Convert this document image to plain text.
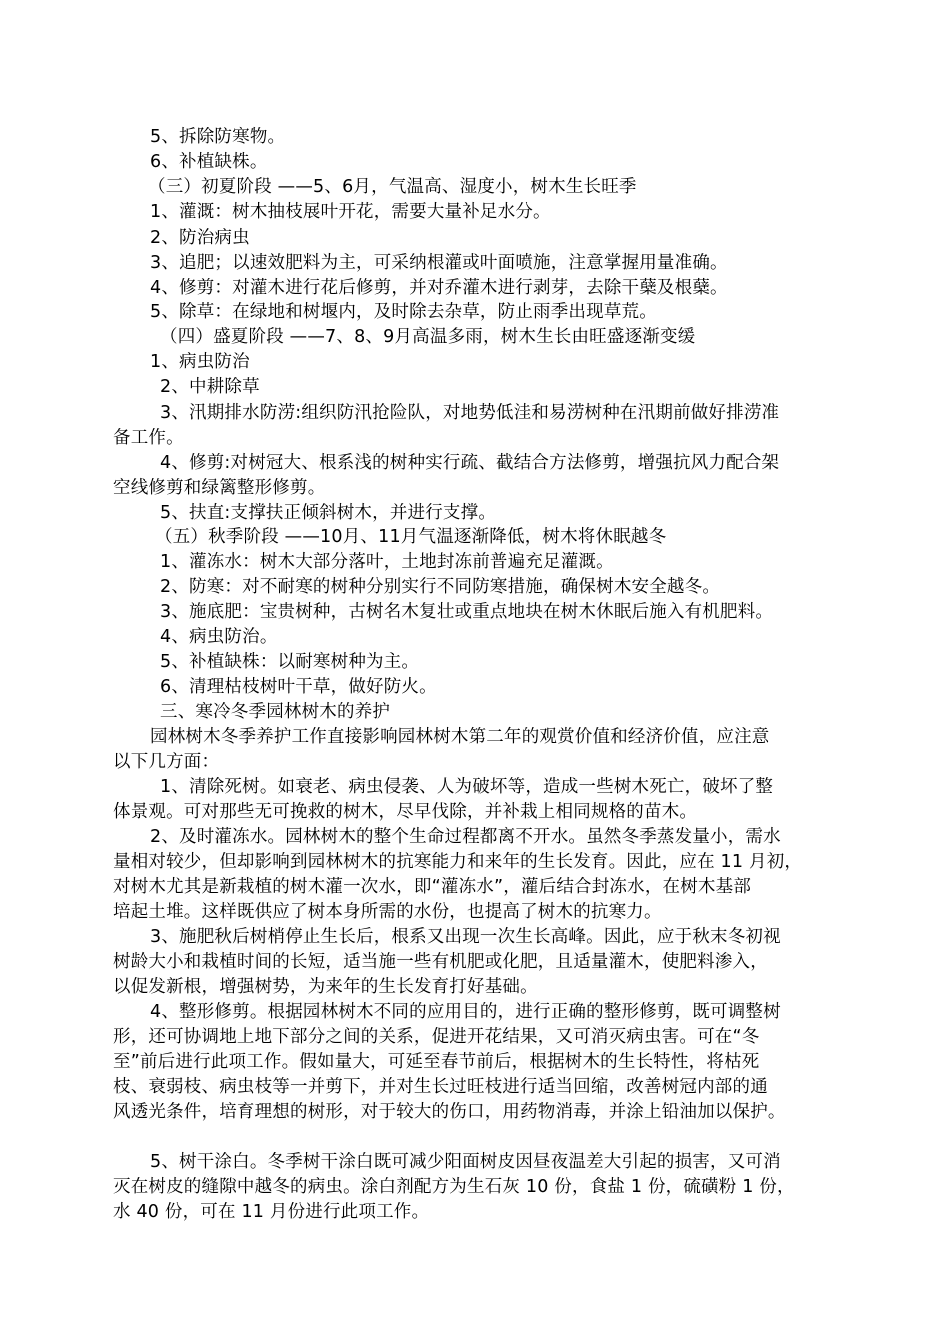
5、拆除防寒物。
6、补植缺株。
（三）初夏阶段 ——5、6月，气温高、湿度小，树木生长旺季
1、灌溉：树木抽枝展叶开花，需要大量补足水分。
2、防治病虫
3、追肥；以速效肥料为主，可采纳根灌或叶面喷施，注意掌握用量准确。
4、修剪：对灌木进行花后修剪，并对乔灌木进行剥芽，去除干蘖及根蘖。
5、除草：在绿地和树堰内，及时除去杂草，防止雨季出现草荒。
（四）盛夏阶段 ——7、8、9月高温多雨，树木生长由旺盛逐渐变缓
1、病虫防治
2、中耕除草
3、汛期排水防涝:组织防汛抢险队，对地势低洼和易涝树种在汛期前做好排涝准
备工作。
4、修剪:对树冠大、根系浅的树种实行疏、截结合方法修剪，增强抗风力配合架
空线修剪和绿篱整形修剪。
5、扶直:支撑扶正倾斜树木，并进行支撑。
（五）秋季阶段 ——10月、11月气温逐渐降低，树木将休眠越冬
1、灌冻水：树木大部分落叶，土地封冻前普遍充足灌溉。
2、防寒：对不耐寒的树种分别实行不同防寒措施，确保树木安全越冬。
3、施底肥：宝贵树种，古树名木复壮或重点地块在树木休眠后施入有机肥料。
4、病虫防治。
5、补植缺株：以耐寒树种为主。
6、清理枯枝树叶干草，做好防火。
三、寒冷冬季园林树木的养护
园林树木冬季养护工作直接影响园林树木第二年的观赏价值和经济价值，应注意
以下几方面：
1、清除死树。如衰老、病虫侵袭、人为破坏等，造成一些树木死亡，破坏了整
体景观。可对那些无可挽救的树木，尽早伐除，并补栽上相同规格的苗木。
2、及时灌冻水。园林树木的整个生命过程都离不开水。虽然冬季蒸发量小，需水
量相对较少，但却影响到园林树木的抗寒能力和来年的生长发育。因此，应在 11 月初，
对树木尤其是新栽植的树木灌一次水，即“灌冻水”，灌后结合封冻水，在树木基部
培起土堆。这样既供应了树本身所需的水份，也提高了树木的抗寒力。
3、施肥秋后树梢停止生长后，根系又出现一次生长高峰。因此，应于秋末冬初视
树龄大小和栽植时间的长短，适当施一些有机肥或化肥，且适量灌木，使肥料渗入，
以促发新根，增强树势，为来年的生长发育打好基础。
4、整形修剪。根据园林树木不同的应用目的，进行正确的整形修剪，既可调整树
形，还可协调地上地下部分之间的关系，促进开花结果，又可消灭病虫害。可在“冬
至”前后进行此项工作。假如量大，可延至春节前后，根据树木的生长特性，将枯死
枝、衰弱枝、病虫枝等一并剪下，并对生长过旺枝进行适当回缩，改善树冠内部的通
风透光条件，培育理想的树形，对于较大的伤口，用药物消毒，并涂上铅油加以保护。
5、树干涂白。冬季树干涂白既可减少阳面树皮因昼夜温差大引起的损害，又可消
灭在树皮的缝隙中越冬的病虫。涂白剂配方为生石灰 10 份，食盐 1 份，硫磺粉 1 份，
水 40 份，可在 11 月份进行此项工作。
